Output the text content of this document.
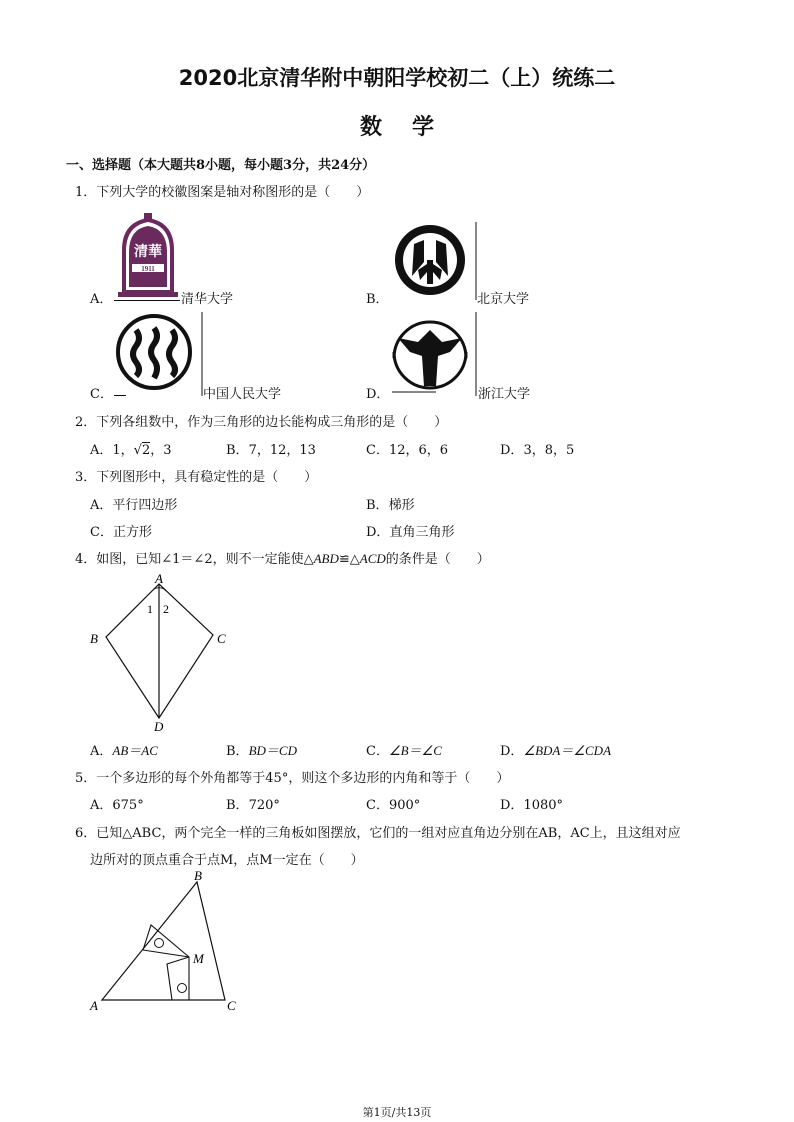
2020北京清华附中朝阳学校初二（上）统练二
数学
一、选择题（本大题共8小题，每小题3分，共24分）
1．下列大学的校徽图案是轴对称图形的是（　　）
A．
1911
清華
清华大学	B．	北京大学
C．	中国人民大学	D．	浙江大学
2．下列各组数中，作为三角形的边长能构成三角形的是（　　）
A．1，√2，3	B．7，12，13	C．12，6，6	D．3，8，5
3．下列图形中，具有稳定性的是（　　）
A．平行四边形	B．梯形
C．正方形	D．直角三角形
4．如图，已知∠1＝∠2，则不一定能使△ABD≌△ACD的条件是（　　）
A
B	C
D
1 2
A．AB＝AC	B．BD＝CD	C．∠B＝∠C	D．∠BDA＝∠CDA
5．一个多边形的每个外角都等于45°，则这个多边形的内角和等于（　　）
A．675°	B．720°	C．900°	D．1080°
6．已知△ABC，两个完全一样的三角板如图摆放，它们的一组对应直角边分别在AB，AC上，且这组对应
边所对的顶点重合于点M，点M一定在（　　）
A
B
C
M
第1页/共13页
